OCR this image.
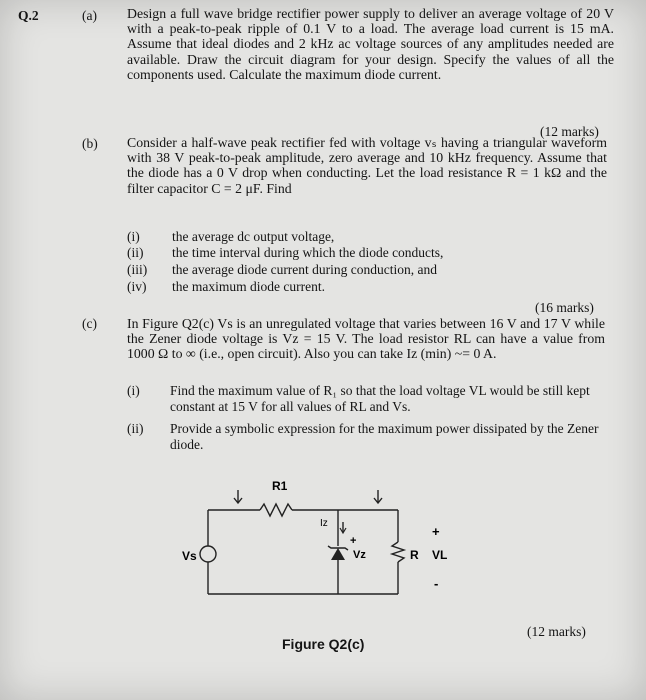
Q.2	(a) Design a full wave bridge rectifier power supply to deliver an average voltage of 20 V with a peak-to-peak ripple of 0.1 V to a load. The average load current is 15 mA. Assume that ideal diodes and 2 kHz ac voltage sources of any amplitudes needed are available. Draw the circuit diagram for your design. Specify the values of all the components used. Calculate the maximum diode current.
(12 marks)
(b) Consider a half-wave peak rectifier fed with voltage vₛ having a triangular waveform with 38 V peak-to-peak amplitude, zero average and 10 kHz frequency. Assume that the diode has a 0 V drop when conducting. Let the load resistance R = 1 kΩ and the filter capacitor C = 2 μF. Find
(i) the average dc output voltage,
(ii) the time interval during which the diode conducts,
(iii) the average diode current during conduction, and
(iv) the maximum diode current.
(16 marks)
(c) In Figure Q2(c) Vs is an unregulated voltage that varies between 16 V and 17 V while the Zener diode voltage is Vz = 15 V. The load resistor RL can have a value from 1000 Ω to ∞ (i.e., open circuit). Also you can take Iz (min) ~= 0 A.
(i) Find the maximum value of R₁ so that the load voltage VL would be still kept constant at 15 V for all values of RL and Vs.
(ii) Provide a symbolic expression for the maximum power dissipated by the Zener diode.
R1
Vs
Iz
Vz	R VL
+
-
+
(12 marks)
Figure Q2(c)
